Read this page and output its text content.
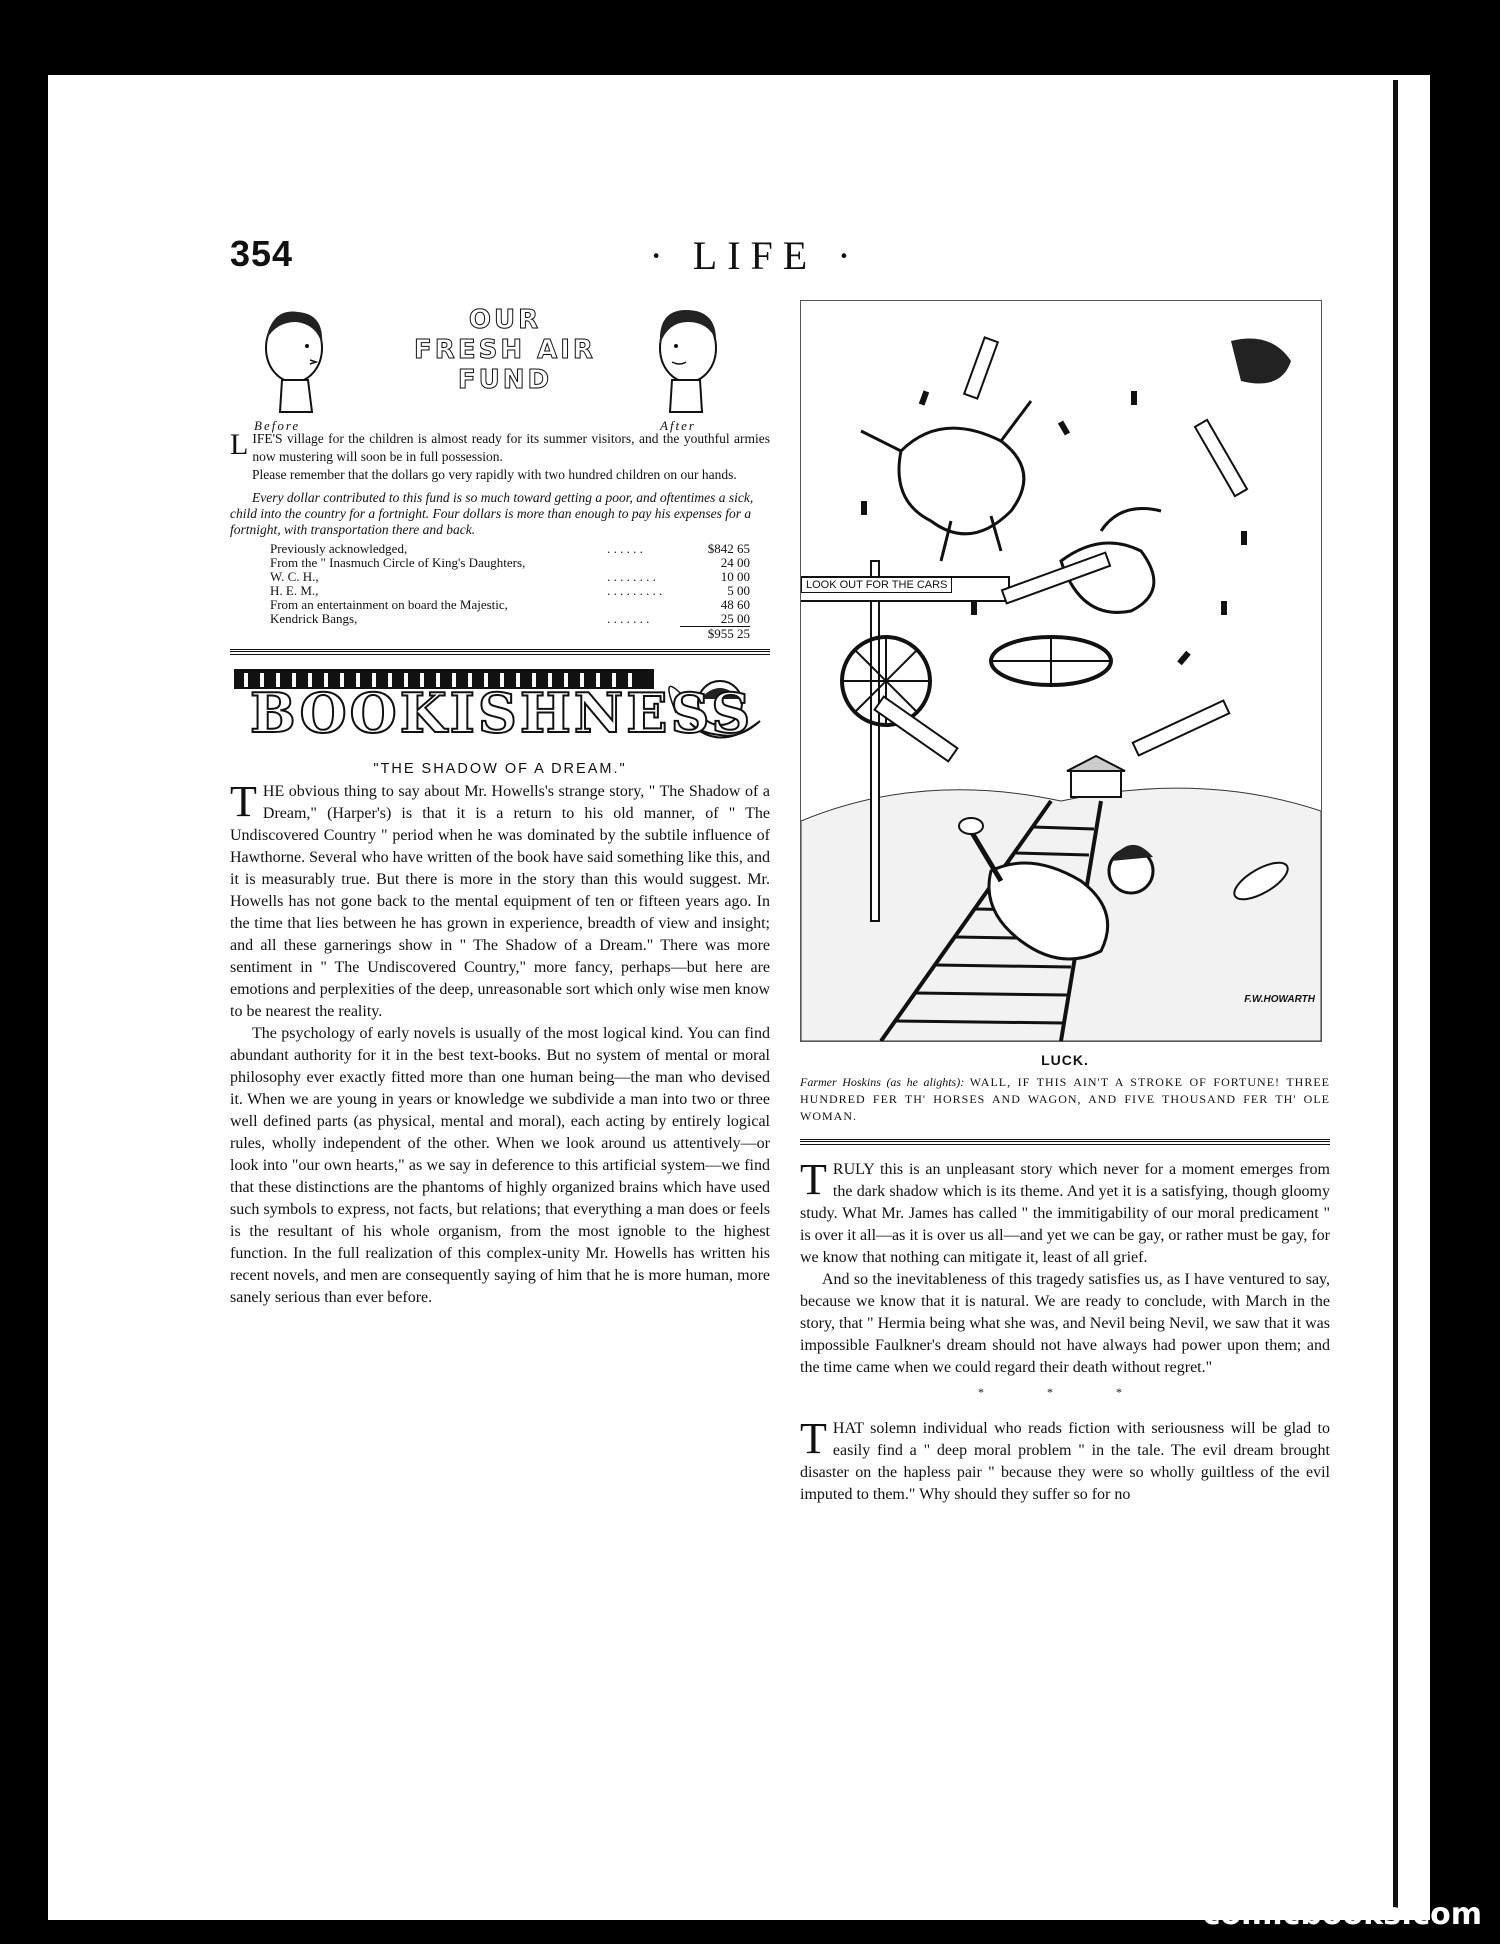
354	· LIFE ·
Before
OUR
FRESH AIR
FUND
After

LIFE'S village for the children is almost ready for its summer visitors, and the youthful armies now mustering will soon be in full possession.

Please remember that the dollars go very rapidly with two hundred children on our hands.

Every dollar contributed to this fund is so much toward getting a poor, and oftentimes a sick, child into the country for a fortnight. Four dollars is more than enough to pay his expenses for a fortnight, with transportation there and back.

Previously acknowledged,	. . . . . .	$842 65
From the " Inasmuch Circle of King's Daughters,		24 00
W. C. H.,	. . . . . . . .	10 00
H. E. M.,	. . . . . . . . .	5 00
From an entertainment on board the Majestic,		48 60
Kendrick Bangs,	. . . . . . .	25 00
		$955 25
BOOKISHNESS
"THE SHADOW OF A DREAM."

THE obvious thing to say about Mr. Howells's strange story, " The Shadow of a Dream," (Harper's) is that it is a return to his old manner, of " The Undiscovered Country " period when he was dominated by the subtile influence of Hawthorne. Several who have written of the book have said something like this, and it is measurably true. But there is more in the story than this would suggest. Mr. Howells has not gone back to the mental equipment of ten or fifteen years ago. In the time that lies between he has grown in experience, breadth of view and insight; and all these garnerings show in " The Shadow of a Dream." There was more sentiment in " The Undiscovered Country," more fancy, perhaps—but here are emotions and perplexities of the deep, unreasonable sort which only wise men know to be nearest the reality.

The psychology of early novels is usually of the most logical kind. You can find abundant authority for it in the best text-books. But no system of mental or moral philosophy ever exactly fitted more than one human being—the man who devised it. When we are young in years or knowledge we subdivide a man into two or three well defined parts (as physical, mental and moral), each acting by entirely logical rules, wholly independent of the other. When we look around us attentively—or look into "our own hearts," as we say in deference to this artificial system—we find that these distinctions are the phantoms of highly organized brains which have used such symbols to express, not facts, but relations; that everything a man does or feels is the resultant of his whole organism, from the most ignoble to the highest function. In the full realization of this complex-unity Mr. Howells has written his recent novels, and men are consequently saying of him that he is more human, more sanely serious than ever before.

LOOK OUT FOR THE CARS
F.W.HOWARTH
LUCK.
Farmer Hoskins (as he alights): WALL, IF THIS AIN'T A STROKE OF FORTUNE! THREE HUNDRED FER TH' HORSES AND WAGON, AND FIVE THOUSAND FER TH' OLE WOMAN.

TRULY this is an unpleasant story which never for a moment emerges from the dark shadow which is its theme. And yet it is a satisfying, though gloomy study. What Mr. James has called " the immitigability of our moral predicament " is over it all—as it is over us all—and yet we can be gay, or rather must be gay, for we know that nothing can mitigate it, least of all grief.

And so the inevitableness of this tragedy satisfies us, as I have ventured to say, because we know that it is natural. We are ready to conclude, with March in the story, that " Hermia being what she was, and Nevil being Nevil, we saw that it was impossible Faulkner's dream should not have always had power upon them; and the time came when we could regard their death without regret."

* * *

THAT solemn individual who reads fiction with seriousness will be glad to easily find a " deep moral problem " in the tale. The evil dream brought disaster on the hapless pair " because they were so wholly guiltless of the evil imputed to them." Why should they suffer so for no

comicbooks.com
